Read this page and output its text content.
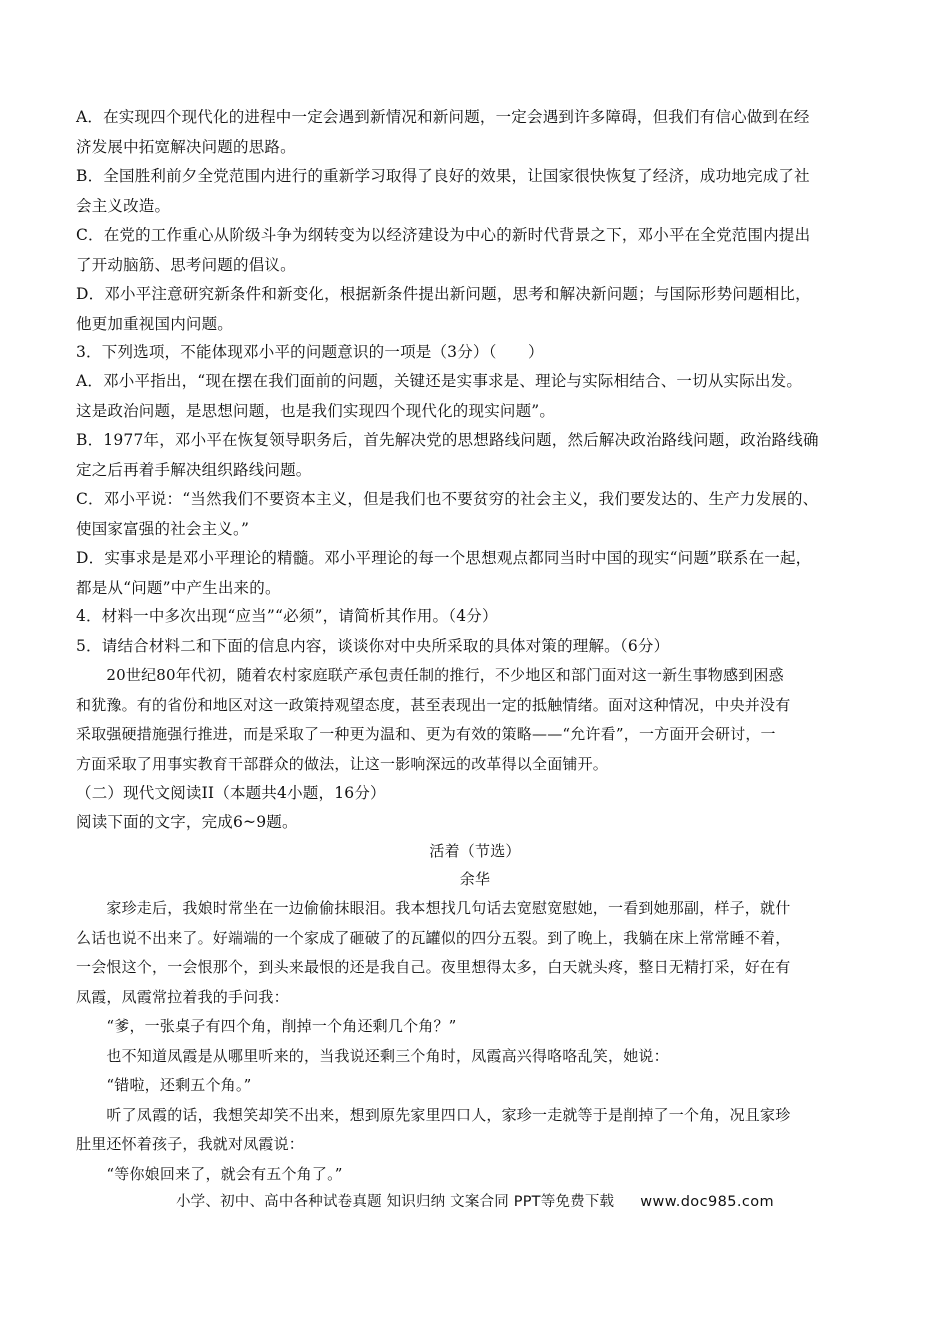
A．在实现四个现代化的进程中一定会遇到新情况和新问题，一定会遇到许多障碍，但我们有信心做到在经
济发展中拓宽解决问题的思路。
B．全国胜利前夕全党范围内进行的重新学习取得了良好的效果，让国家很快恢复了经济，成功地完成了社
会主义改造。
C．在党的工作重心从阶级斗争为纲转变为以经济建设为中心的新时代背景之下，邓小平在全党范围内提出
了开动脑筋、思考问题的倡议。
D．邓小平注意研究新条件和新变化，根据新条件提出新问题，思考和解决新问题；与国际形势问题相比，
他更加重视国内问题。
3．下列选项，不能体现邓小平的问题意识的一项是（3分）（　　）
A．邓小平指出，“现在摆在我们面前的问题，关键还是实事求是、理论与实际相结合、一切从实际出发。
这是政治问题，是思想问题，也是我们实现四个现代化的现实问题”。
B．1977年，邓小平在恢复领导职务后，首先解决党的思想路线问题，然后解决政治路线问题，政治路线确
定之后再着手解决组织路线问题。
C．邓小平说：“当然我们不要资本主义，但是我们也不要贫穷的社会主义，我们要发达的、生产力发展的、
使国家富强的社会主义。”
D．实事求是是邓小平理论的精髓。邓小平理论的每一个思想观点都同当时中国的现实“问题”联系在一起，
都是从“问题”中产生出来的。
4．材料一中多次出现“应当”“必须”，请简析其作用。（4分）
5．请结合材料二和下面的信息内容，谈谈你对中央所采取的具体对策的理解。（6分）
　　20世纪80年代初，随着农村家庭联产承包责任制的推行，不少地区和部门面对这一新生事物感到困惑
和犹豫。有的省份和地区对这一政策持观望态度，甚至表现出一定的抵触情绪。面对这种情况，中央并没有
采取强硬措施强行推进，而是采取了一种更为温和、更为有效的策略——“允许看”，一方面开会研讨，一
方面采取了用事实教育干部群众的做法，让这一影响深远的改革得以全面铺开。
（二）现代文阅读II（本题共4小题，16分）
阅读下面的文字，完成6~9题。
活着（节选）
余华
　　家珍走后，我娘时常坐在一边偷偷抹眼泪。我本想找几句话去宽慰宽慰她，一看到她那副，样子，就什
么话也说不出来了。好端端的一个家成了砸破了的瓦罐似的四分五裂。到了晚上，我躺在床上常常睡不着，
一会恨这个，一会恨那个，到头来最恨的还是我自己。夜里想得太多，白天就头疼，整日无精打采，好在有
凤霞，凤霞常拉着我的手问我：
　　“爹，一张桌子有四个角，削掉一个角还剩几个角？”
　　也不知道凤霞是从哪里听来的，当我说还剩三个角时，凤霞高兴得咯咯乱笑，她说：
　　“错啦，还剩五个角。”
　　听了凤霞的话，我想笑却笑不出来，想到原先家里四口人，家珍一走就等于是削掉了一个角，况且家珍
肚里还怀着孩子，我就对凤霞说：
　　“等你娘回来了，就会有五个角了。”
小学、初中、高中各种试卷真题 知识归纳 文案合同 PPT等免费下载 www.doc985.com
